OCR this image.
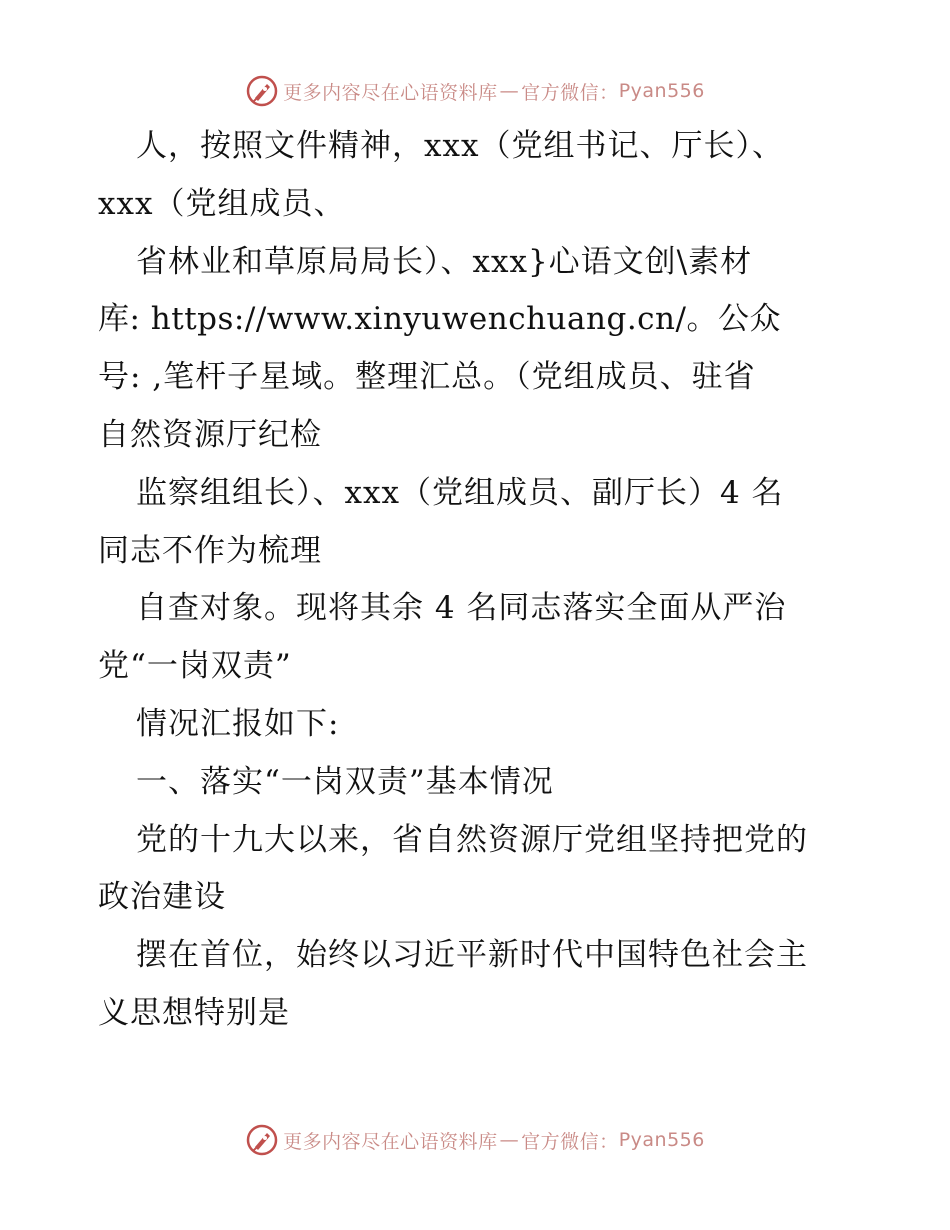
更多内容尽在心语资料库 — 官方微信： Pyan556
人，按照文件精神，xxx（党组书记、厅长）、
xxx（党组成员、
省林业和草原局局长）、xxx}心语文创\素材
库: https://www.xinyuwenchuang.cn/。公众
号: ,笔杆子星域。整理汇总。（党组成员、驻省
自然资源厅纪检
监察组组长）、xxx（党组成员、副厅长）4 名
同志不作为梳理
自查对象。现将其余 4 名同志落实全面从严治
党“一岗双责”
情况汇报如下:
一、落实“一岗双责”基本情况
党的十九大以来，省自然资源厅党组坚持把党的
政治建设
摆在首位，始终以习近平新时代中国特色社会主
义思想特别是
更多内容尽在心语资料库 — 官方微信： Pyan556
